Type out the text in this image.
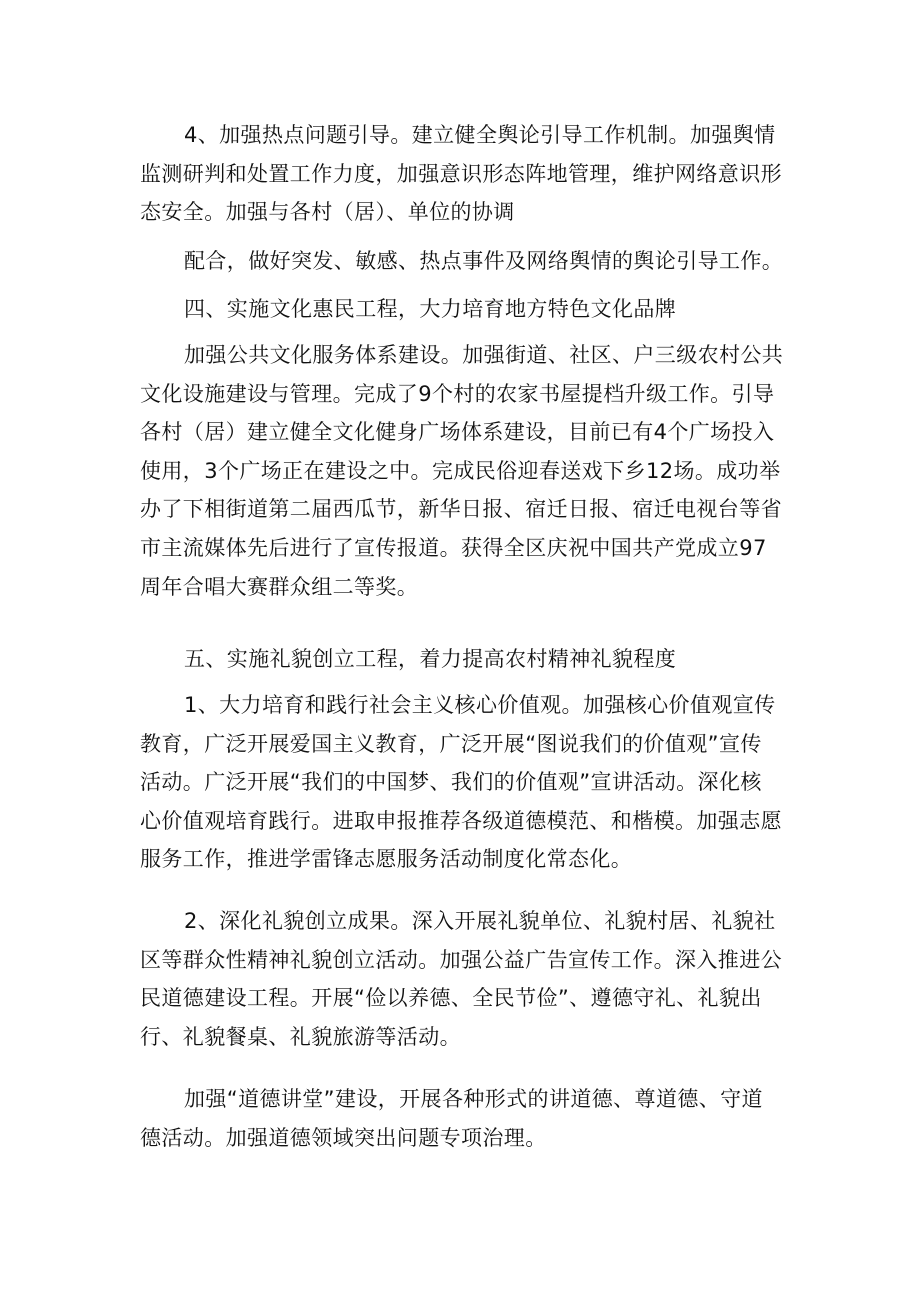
4、加强热点问题引导。建立健全舆论引导工作机制。加强舆情
监测研判和处置工作力度，加强意识形态阵地管理，维护网络意识形
态安全。加强与各村（居）、单位的协调

配合，做好突发、敏感、热点事件及网络舆情的舆论引导工作。

四、实施文化惠民工程，大力培育地方特色文化品牌

加强公共文化服务体系建设。加强街道、社区、户三级农村公共
文化设施建设与管理。完成了9个村的农家书屋提档升级工作。引导
各村（居）建立健全文化健身广场体系建设，目前已有4个广场投入
使用，3个广场正在建设之中。完成民俗迎春送戏下乡12场。成功举
办了下相街道第二届西瓜节，新华日报、宿迁日报、宿迁电视台等省
市主流媒体先后进行了宣传报道。获得全区庆祝中国共产党成立97
周年合唱大赛群众组二等奖。

五、实施礼貌创立工程，着力提高农村精神礼貌程度

1、大力培育和践行社会主义核心价值观。加强核心价值观宣传
教育，广泛开展爱国主义教育，广泛开展“图说我们的价值观”宣传
活动。广泛开展“我们的中国梦、我们的价值观”宣讲活动。深化核
心价值观培育践行。进取申报推荐各级道德模范、和楷模。加强志愿
服务工作，推进学雷锋志愿服务活动制度化常态化。

2、深化礼貌创立成果。深入开展礼貌单位、礼貌村居、礼貌社
区等群众性精神礼貌创立活动。加强公益广告宣传工作。深入推进公
民道德建设工程。开展“俭以养德、全民节俭”、遵德守礼、礼貌出
行、礼貌餐桌、礼貌旅游等活动。

加强“道德讲堂”建设，开展各种形式的讲道德、尊道德、守道
德活动。加强道德领域突出问题专项治理。
